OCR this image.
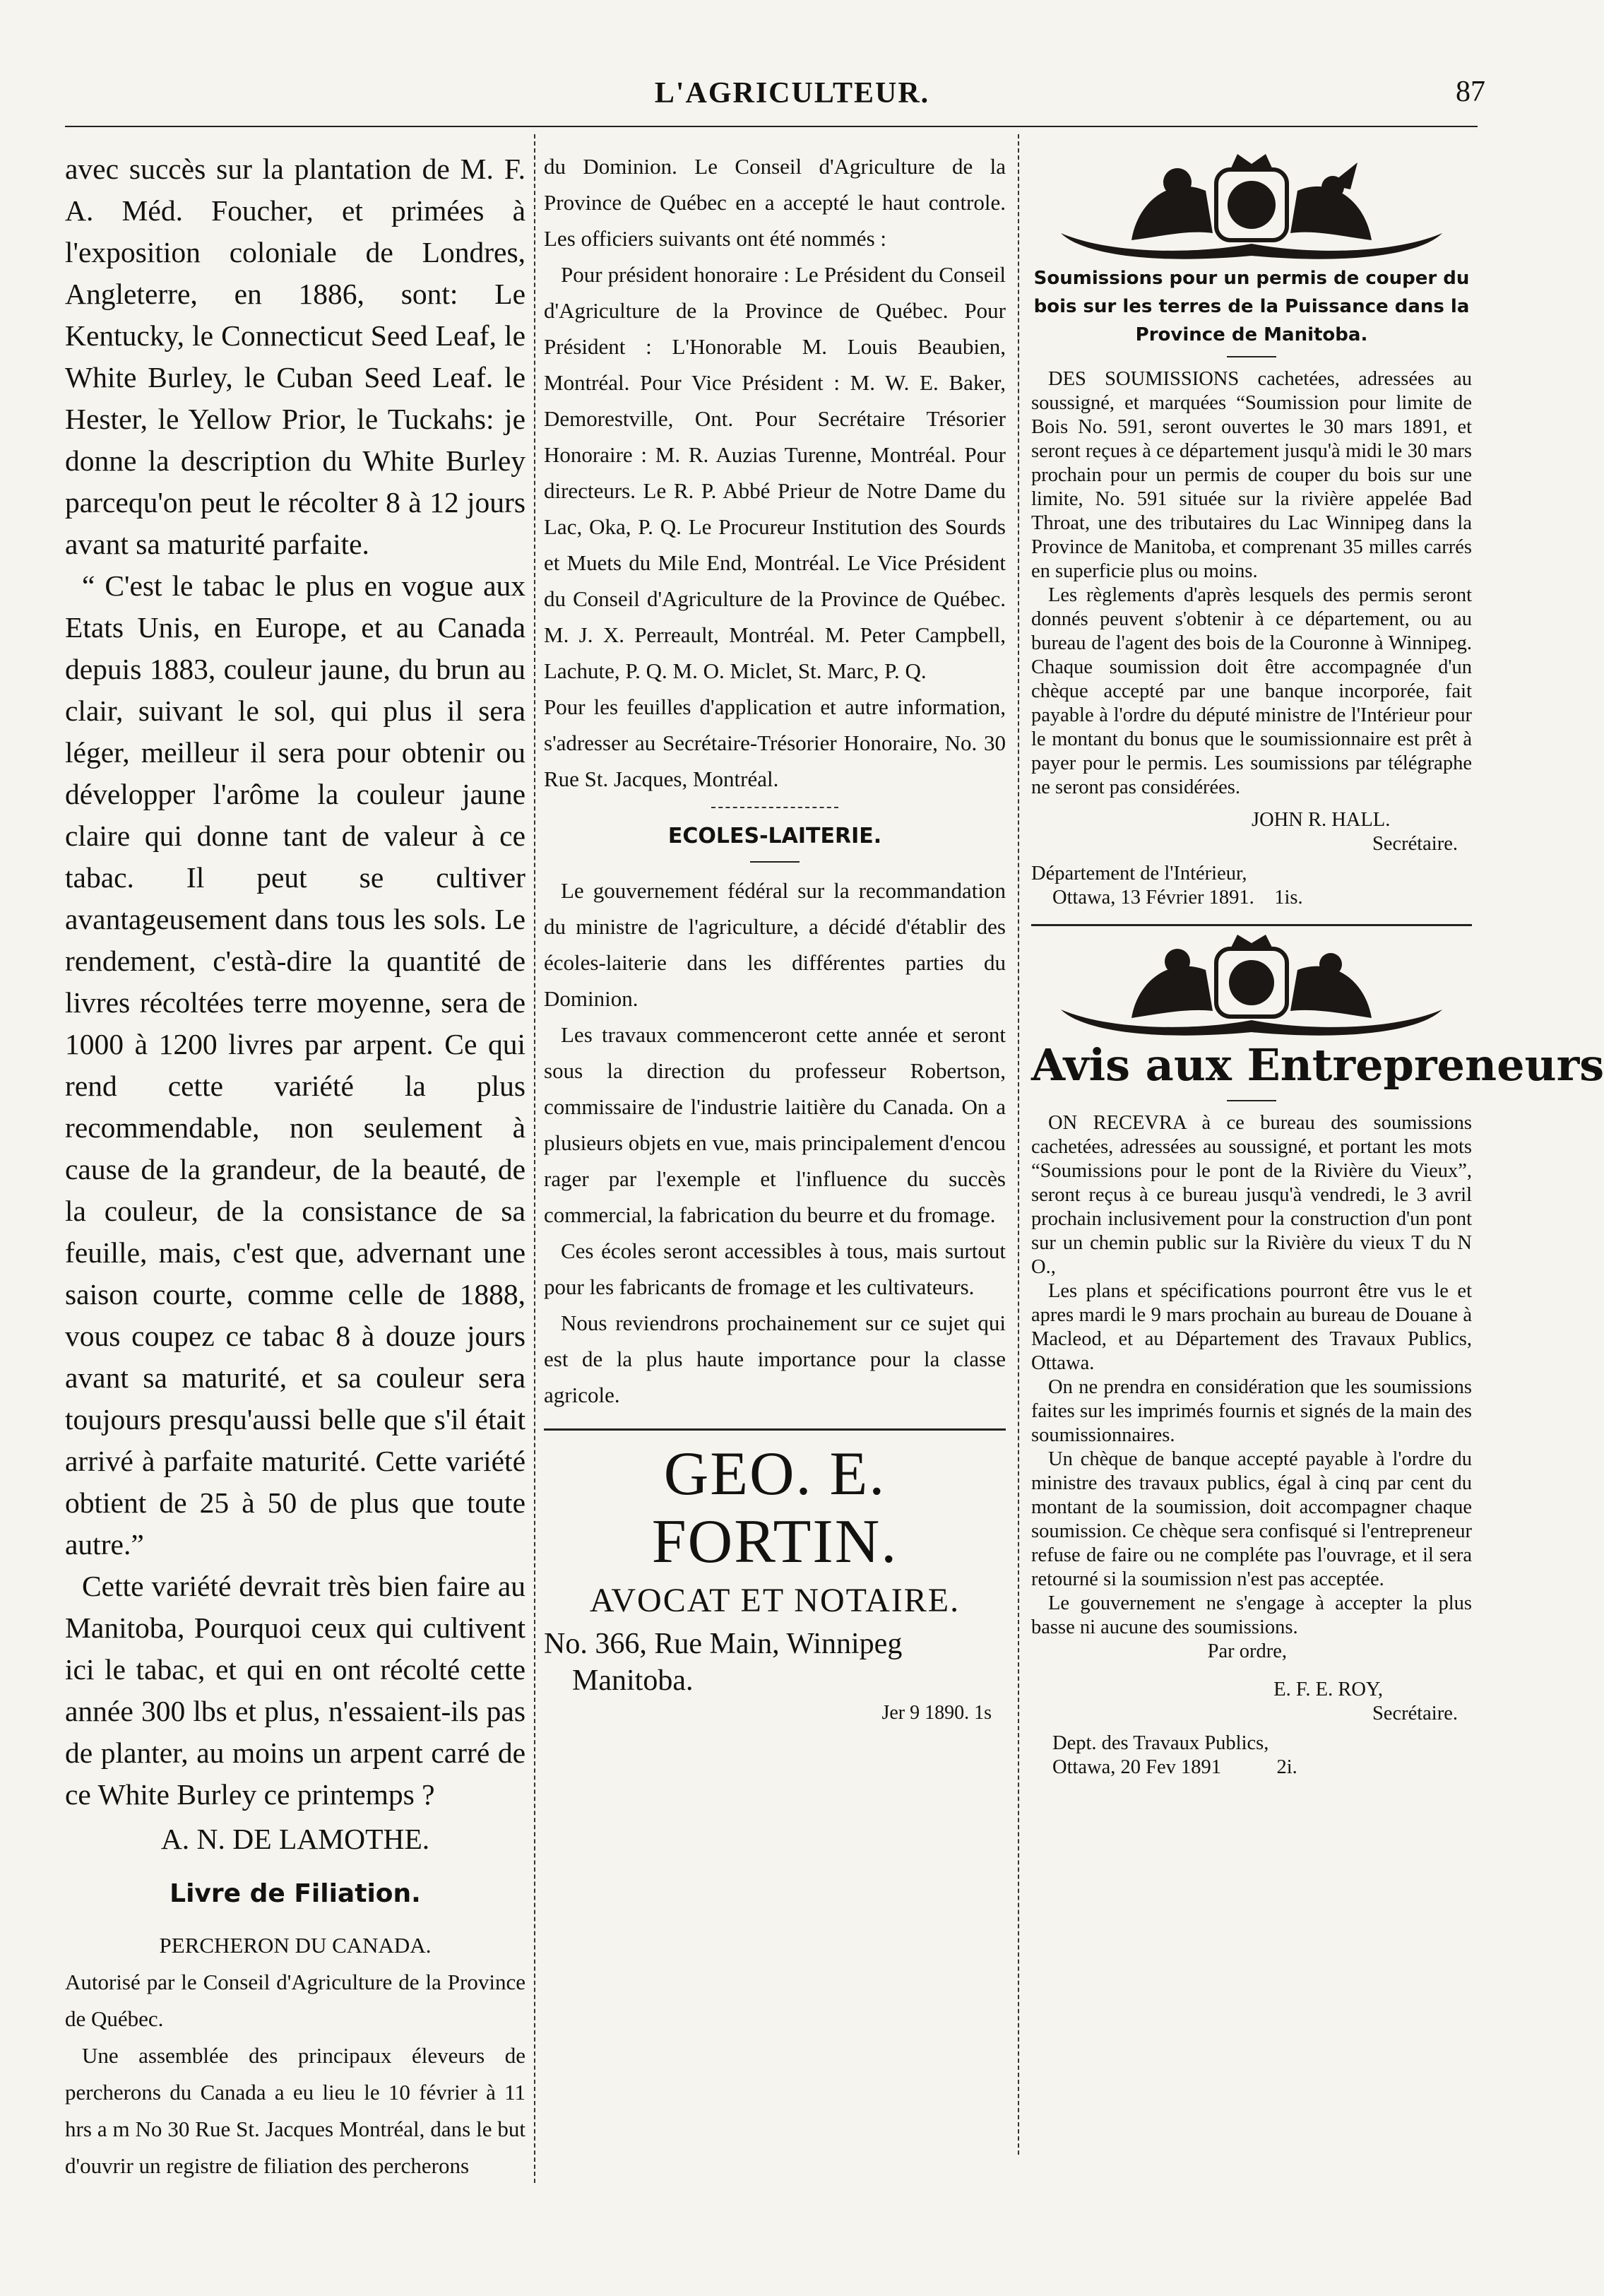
L'AGRICULTEUR.	87

avec succès sur la plantation de M. F. A. Méd. Foucher, et primées à l'exposition coloniale de Londres, Angleterre, en 1886, sont: Le Kentucky, le Connecticut Seed Leaf, le White Burley, le Cuban Seed Leaf. le Hester, le Yellow Prior, le Tuckahs: je donne la description du White Burley parcequ'on peut le récolter 8 à 12 jours avant sa maturité parfaite.

“ C'est le tabac le plus en vogue aux Etats Unis, en Europe, et au Canada depuis 1883, couleur jaune, du brun au clair, suivant le sol, qui plus il sera léger, meilleur il sera pour obtenir ou développer l'arôme la couleur jaune claire qui donne tant de valeur à ce tabac. Il peut se cultiver avantageusement dans tous les sols. Le rendement, c'està-dire la quantité de livres récoltées terre moyenne, sera de 1000 à 1200 livres par arpent. Ce qui rend cette variété la plus recommendable, non seulement à cause de la grandeur, de la beauté, de la couleur, de la consistance de sa feuille, mais, c'est que, advernant une saison courte, comme celle de 1888, vous coupez ce tabac 8 à douze jours avant sa maturité, et sa couleur sera toujours presqu'aussi belle que s'il était arrivé à parfaite maturité. Cette variété obtient de 25 à 50 de plus que toute autre.”

Cette variété devrait très bien faire au Manitoba, Pourquoi ceux qui cultivent ici le tabac, et qui en ont récolté cette année 300 lbs et plus, n'essaient-ils pas de planter, au moins un arpent carré de ce White Burley ce printemps ?

A. N. DE LAMOTHE.

Livre de Filiation.

PERCHERON DU CANADA.

Autorisé par le Conseil d'Agriculture de la Province de Québec.

Une assemblée des principaux éleveurs de percherons du Canada a eu lieu le 10 février à 11 hrs a m No 30 Rue St. Jacques Montréal, dans le but d'ouvrir un registre de filiation des percherons

du Dominion. Le Conseil d'Agriculture de la Province de Québec en a accepté le haut controle. Les officiers suivants ont été nommés :

Pour président honoraire : Le Président du Conseil d'Agriculture de la Province de Québec. Pour Président : L'Honorable M. Louis Beaubien, Montréal. Pour Vice Président : M. W. E. Baker, Demorestville, Ont. Pour Secrétaire Trésorier Honoraire : M. R. Auzias Turenne, Montréal. Pour directeurs. Le R. P. Abbé Prieur de Notre Dame du Lac, Oka, P. Q. Le Procureur Institution des Sourds et Muets du Mile End, Montréal. Le Vice Président du Conseil d'Agriculture de la Province de Québec. M. J. X. Perreault, Montréal. M. Peter Campbell, Lachute, P. Q. M. O. Miclet, St. Marc, P. Q.

Pour les feuilles d'application et autre information, s'adresser au Secrétaire-Trésorier Honoraire, No. 30 Rue St. Jacques, Montréal.

ECOLES-LAITERIE.

Le gouvernement fédéral sur la recommandation du ministre de l'agriculture, a décidé d'établir des écoles-laiterie dans les différentes parties du Dominion.

Les travaux commenceront cette année et seront sous la direction du professeur Robertson, commissaire de l'industrie laitière du Canada. On a plusieurs objets en vue, mais principalement d'encou rager par l'exemple et l'influence du succès commercial, la fabrication du beurre et du fromage.

Ces écoles seront accessibles à tous, mais surtout pour les fabricants de fromage et les cultivateurs.

Nous reviendrons prochainement sur ce sujet qui est de la plus haute importance pour la classe agricole.

GEO. E. FORTIN.
AVOCAT ET NOTAIRE.

No. 366, Rue Main, Winnipeg

Manitoba.

Jer 9 1890. 1s

Soumissions pour un permis de couper du bois sur les terres de la Puissance dans la Province de Manitoba.

DES SOUMISSIONS cachetées, adressées au soussigné, et marquées “Soumission pour limite de Bois No. 591, seront ouvertes le 30 mars 1891, et seront reçues à ce département jusqu'à midi le 30 mars prochain pour un permis de couper du bois sur une limite, No. 591 située sur la rivière appelée Bad Throat, une des tributaires du Lac Winnipeg dans la Province de Manitoba, et comprenant 35 milles carrés en superficie plus ou moins.

Les règlements d'après lesquels des permis seront donnés peuvent s'obtenir à ce département, ou au bureau de l'agent des bois de la Couronne à Winnipeg. Chaque soumission doit être accompagnée d'un chèque accepté par une banque incorporée, fait payable à l'ordre du député ministre de l'Intérieur pour le montant du bonus que le soumissionnaire est prêt à payer pour le permis. Les soumissions par télégraphe ne seront pas considérées.

JOHN R. HALL.

Secrétaire.

Département de l'Intérieur,

Ottawa, 13 Février 1891. 1is.

Avis aux Entrepreneurs

ON RECEVRA à ce bureau des soumissions cachetées, adressées au soussigné, et portant les mots “Soumissions pour le pont de la Rivière du Vieux”, seront reçus à ce bureau jusqu'à vendredi, le 3 avril prochain inclusivement pour la construction d'un pont sur un chemin public sur la Rivière du vieux T du N O.,

Les plans et spécifications pourront être vus le et apres mardi le 9 mars prochain au bureau de Douane à Macleod, et au Département des Travaux Publics, Ottawa.

On ne prendra en considération que les soumissions faites sur les imprimés fournis et signés de la main des soumissionnaires.

Un chèque de banque accepté payable à l'ordre du ministre des travaux publics, égal à cinq par cent du montant de la soumission, doit accompagner chaque soumission. Ce chèque sera confisqué si l'entrepreneur refuse de faire ou ne compléte pas l'ouvrage, et il sera retourné si la soumission n'est pas acceptée.

Le gouvernement ne s'engage à accepter la plus basse ni aucune des soumissions.

Par ordre,

E. F. E. ROY,

Secrétaire.

Dept. des Travaux Publics,

Ottawa, 20 Fev 1891	2i.
